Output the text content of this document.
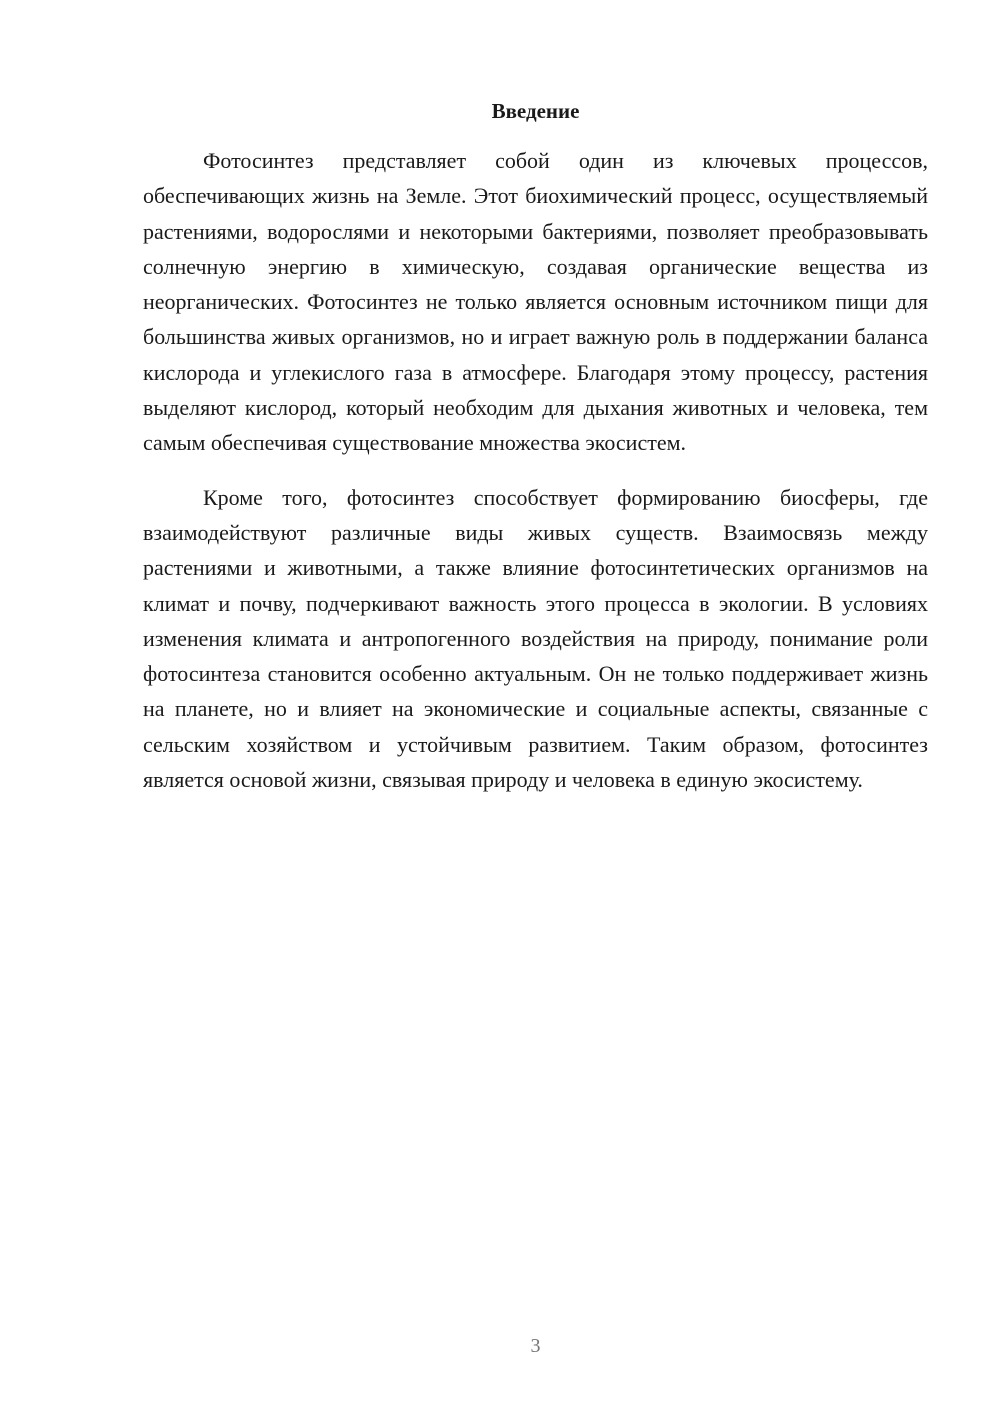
Введение

Фотосинтез представляет собой один из ключевых процессов, обеспечивающих жизнь на Земле. Этот биохимический процесс, осуществляемый растениями, водорослями и некоторыми бактериями, позволяет преобразовывать солнечную энергию в химическую, создавая органические вещества из неорганических. Фотосинтез не только является основным источником пищи для большинства живых организмов, но и играет важную роль в поддержании баланса кислорода и углекислого газа в атмосфере. Благодаря этому процессу, растения выделяют кислород, который необходим для дыхания животных и человека, тем самым обеспечивая существование множества экосистем.

Кроме того, фотосинтез способствует формированию биосферы, где взаимодействуют различные виды живых существ. Взаимосвязь между растениями и животными, а также влияние фотосинтетических организмов на климат и почву, подчеркивают важность этого процесса в экологии. В условиях изменения климата и антропогенного воздействия на природу, понимание роли фотосинтеза становится особенно актуальным. Он не только поддерживает жизнь на планете, но и влияет на экономические и социальные аспекты, связанные с сельским хозяйством и устойчивым развитием. Таким образом, фотосинтез является основой жизни, связывая природу и человека в единую экосистему.

3
